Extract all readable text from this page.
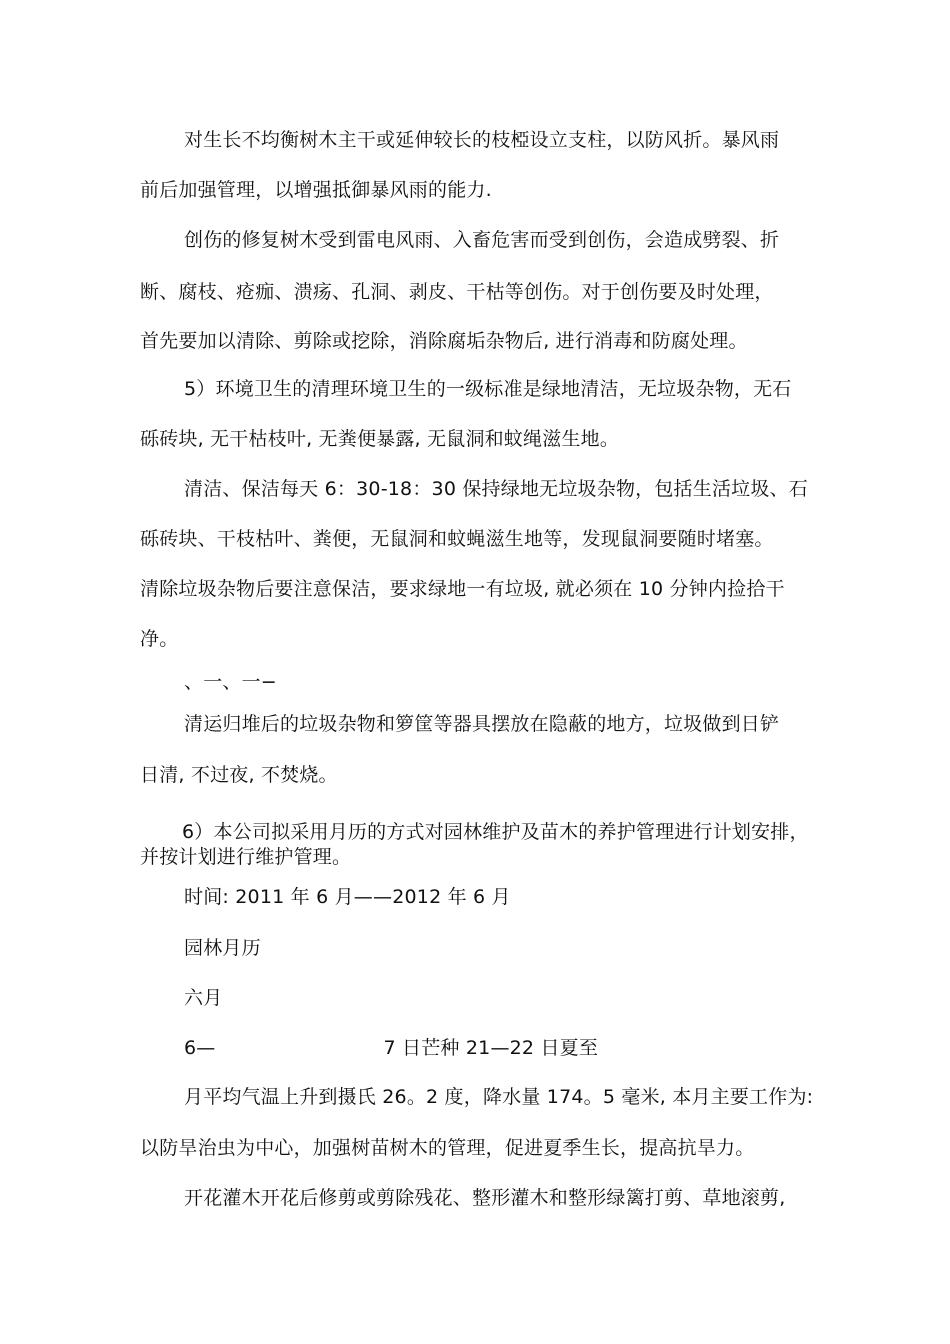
对生长不均衡树木主干或延伸较长的枝椏设立支柱，以防风折。暴风雨
前后加强管理，以增强抵御暴风雨的能力.
创伤的修复树木受到雷电风雨、入畜危害而受到创伤，会造成劈裂、折
断、腐枝、疮痂、溃疡、孔洞、剥皮、干枯等创伤。对于创伤要及时处理，
首先要加以清除、剪除或挖除，消除腐垢杂物后, 进行消毒和防腐处理。
5）环境卫生的清理环境卫生的一级标准是绿地清洁，无垃圾杂物，无石
砾砖块, 无干枯枝叶, 无粪便暴露, 无鼠洞和蚊绳滋生地。
清洁、保洁每天 6：30-18：30 保持绿地无垃圾杂物，包括生活垃圾、石
砾砖块、干枝枯叶、粪便，无鼠洞和蚊蝇滋生地等，发现鼠洞要随时堵塞。
清除垃圾杂物后要注意保洁，要求绿地一有垃圾, 就必须在 10 分钟内捡拾干
净。
、一、一−
清运归堆后的垃圾杂物和箩筐等器具摆放在隐蔽的地方，垃圾做到日铲
日清, 不过夜, 不焚烧。
6）本公司拟采用月历的方式对园林维护及苗木的养护管理进行计划安排，
并按计划进行维护管理。
时间: 2011 年 6 月——2012 年 6 月
园林月历
六月
6—	7 日芒种 21—22 日夏至
月平均气温上升到摄氏 26。2 度，降水量 174。5 毫米, 本月主要工作为:
以防旱治虫为中心，加强树苗树木的管理，促进夏季生长，提高抗旱力。
开花灌木开花后修剪或剪除残花、整形灌木和整形绿篱打剪、草地滚剪,
